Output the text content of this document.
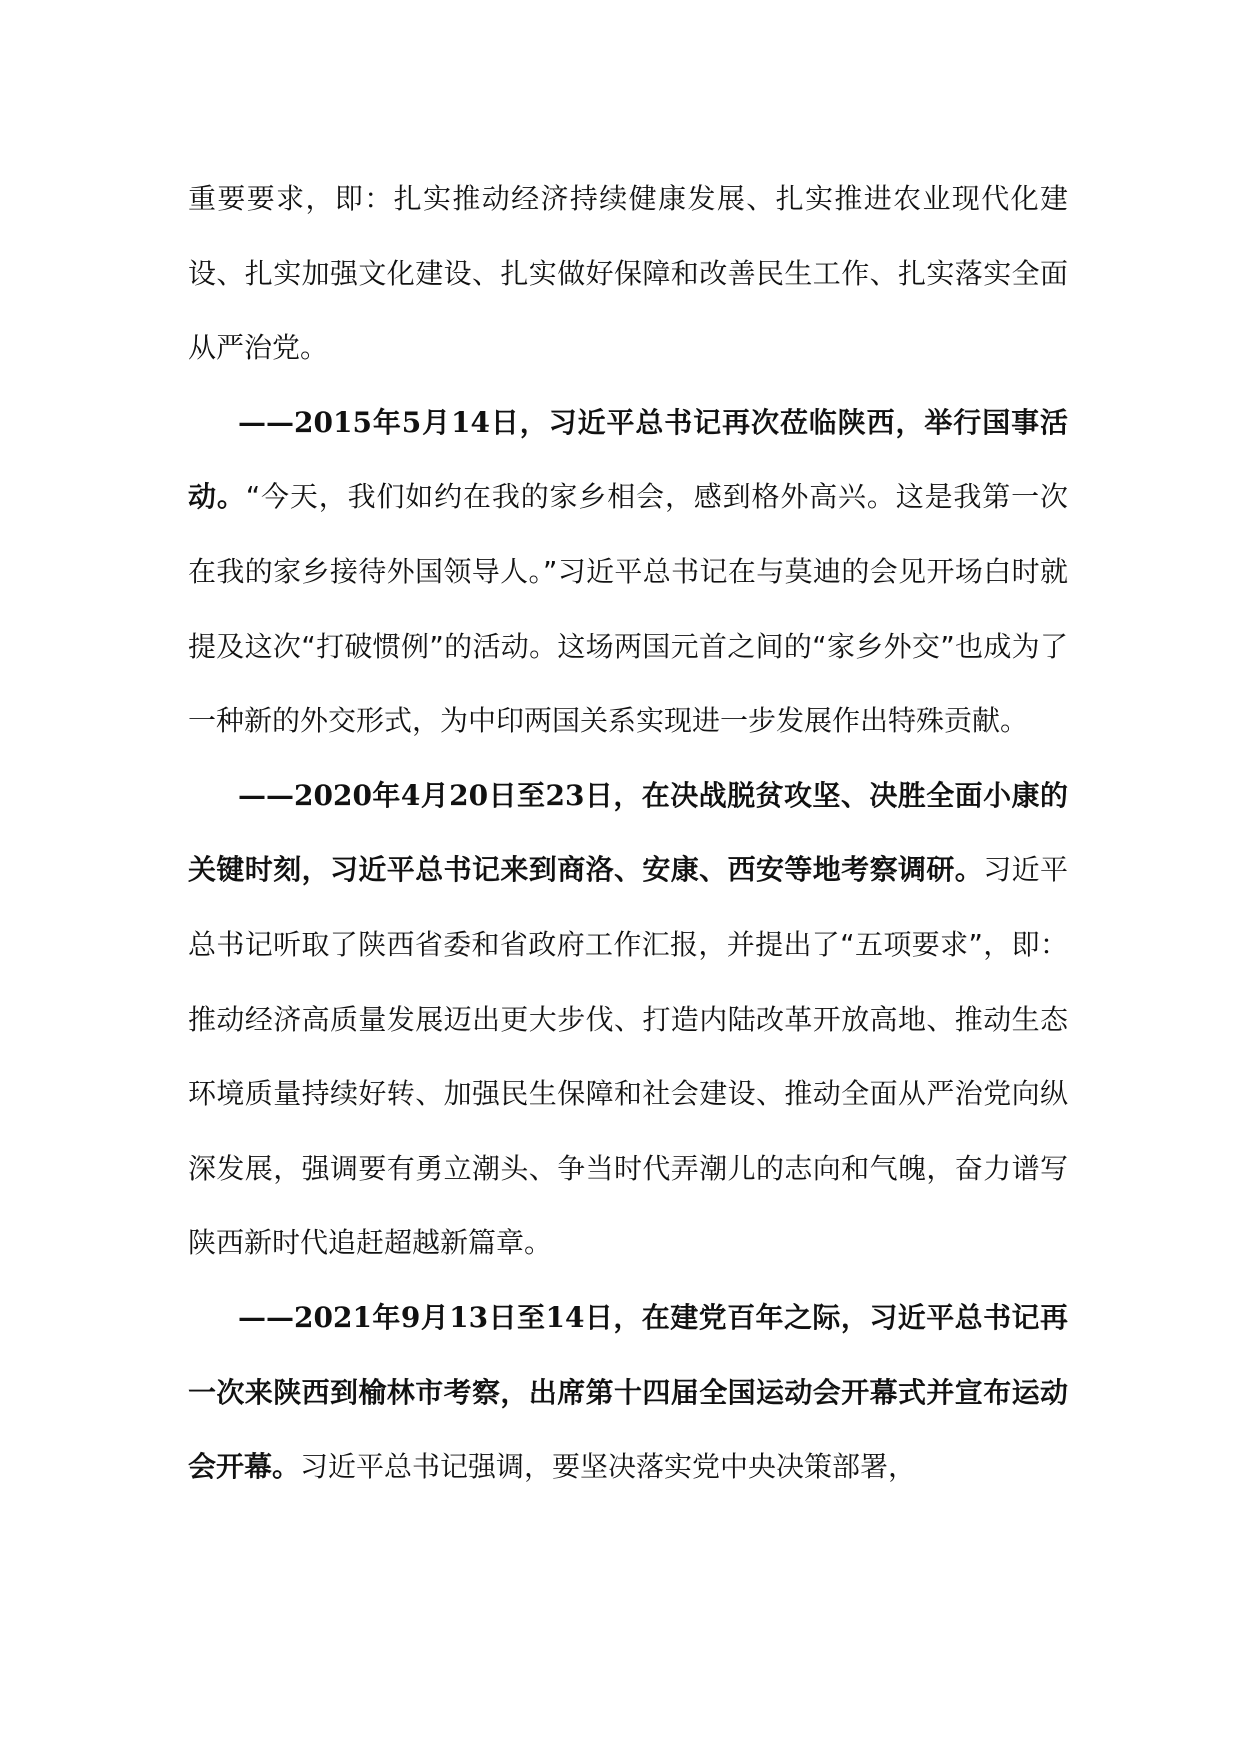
重要要求，即：扎实推动经济持续健康发展、扎实推进农业现代化建设、扎实加强文化建设、扎实做好保障和改善民生工作、扎实落实全面从严治党。

——2015年5月14日，习近平总书记再次莅临陕西，举行国事活动。“今天，我们如约在我的家乡相会，感到格外高兴。这是我第一次在我的家乡接待外国领导人。”习近平总书记在与莫迪的会见开场白时就提及这次“打破惯例”的活动。这场两国元首之间的“家乡外交”也成为了一种新的外交形式，为中印两国关系实现进一步发展作出特殊贡献。

——2020年4月20日至23日，在决战脱贫攻坚、决胜全面小康的关键时刻，习近平总书记来到商洛、安康、西安等地考察调研。习近平总书记听取了陕西省委和省政府工作汇报，并提出了“五项要求”，即：推动经济高质量发展迈出更大步伐、打造内陆改革开放高地、推动生态环境质量持续好转、加强民生保障和社会建设、推动全面从严治党向纵深发展，强调要有勇立潮头、争当时代弄潮儿的志向和气魄，奋力谱写陕西新时代追赶超越新篇章。

——2021年9月13日至14日，在建党百年之际，习近平总书记再一次来陕西到榆林市考察，出席第十四届全国运动会开幕式并宣布运动会开幕。习近平总书记强调，要坚决落实党中央决策部署，
